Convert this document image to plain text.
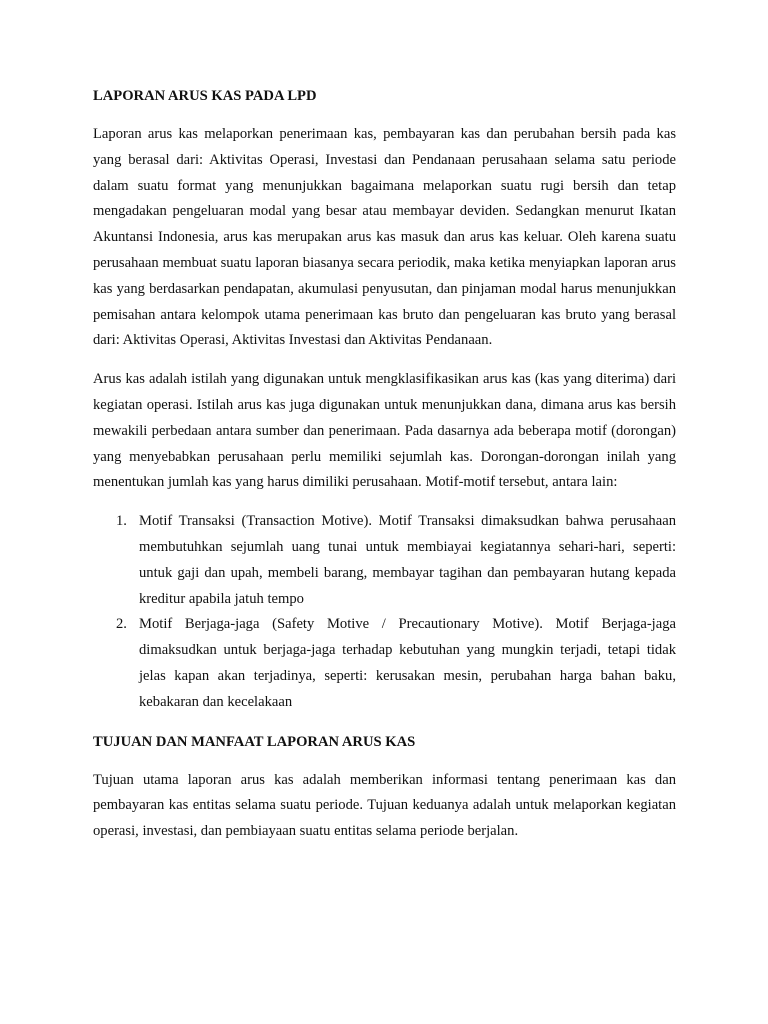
LAPORAN ARUS KAS PADA LPD

Laporan arus kas melaporkan penerimaan kas, pembayaran kas dan perubahan bersih pada kas yang berasal dari: Aktivitas Operasi, Investasi dan Pendanaan perusahaan selama satu periode dalam suatu format yang menunjukkan bagaimana melaporkan suatu rugi bersih dan tetap mengadakan pengeluaran modal yang besar atau membayar deviden. Sedangkan menurut Ikatan Akuntansi Indonesia, arus kas merupakan arus kas masuk dan arus kas keluar. Oleh karena suatu perusahaan membuat suatu laporan biasanya secara periodik, maka ketika menyiapkan laporan arus kas yang berdasarkan pendapatan, akumulasi penyusutan, dan pinjaman modal harus menunjukkan pemisahan antara kelompok utama penerimaan kas bruto dan pengeluaran kas bruto yang berasal dari: Aktivitas Operasi, Aktivitas Investasi dan Aktivitas Pendanaan.

Arus kas adalah istilah yang digunakan untuk mengklasifikasikan arus kas (kas yang diterima) dari kegiatan operasi. Istilah arus kas juga digunakan untuk menunjukkan dana, dimana arus kas bersih mewakili perbedaan antara sumber dan penerimaan. Pada dasarnya ada beberapa motif (dorongan) yang menyebabkan perusahaan perlu memiliki sejumlah kas. Dorongan-dorongan inilah yang menentukan jumlah kas yang harus dimiliki perusahaan. Motif-motif tersebut, antara lain:

1. Motif Transaksi (Transaction Motive). Motif Transaksi dimaksudkan bahwa perusahaan membutuhkan sejumlah uang tunai untuk membiayai kegiatannya sehari-hari, seperti: untuk gaji dan upah, membeli barang, membayar tagihan dan pembayaran hutang kepada kreditur apabila jatuh tempo
2. Motif Berjaga-jaga (Safety Motive / Precautionary Motive). Motif Berjaga-jaga dimaksudkan untuk berjaga-jaga terhadap kebutuhan yang mungkin terjadi, tetapi tidak jelas kapan akan terjadinya, seperti: kerusakan mesin, perubahan harga bahan baku, kebakaran dan kecelakaan
TUJUAN DAN MANFAAT LAPORAN ARUS KAS

Tujuan utama laporan arus kas adalah memberikan informasi tentang penerimaan kas dan pembayaran kas entitas selama suatu periode. Tujuan keduanya adalah untuk melaporkan kegiatan operasi, investasi, dan pembiayaan suatu entitas selama periode berjalan.
